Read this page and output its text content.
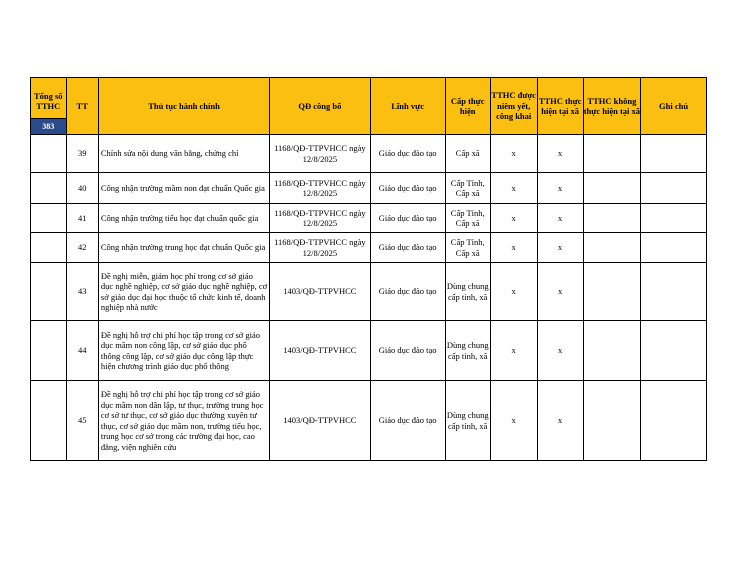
Tổng số TTHC
383	TT	Thủ tục hành chính	QĐ công bố	Lĩnh vực	Cấp thực hiện	TTHC được niêm yết, công khai	TTHC thực hiện tại xã	TTHC không thực hiện tại xã	Ghi chú
	39	Chỉnh sửa nội dung văn bằng, chứng chỉ	1168/QĐ-TTPVHCC ngày 12/8/2025	Giáo dục đào tạo	Cấp xã	x	x		
	40	Công nhận trường mầm non đạt chuẩn Quốc gia	1168/QĐ-TTPVHCC ngày 12/8/2025	Giáo dục đào tạo	Cấp Tỉnh, Cấp xã	x	x		
	41	Công nhận trường tiểu học đạt chuẩn quốc gia	1168/QĐ-TTPVHCC ngày 12/8/2025	Giáo dục đào tạo	Cấp Tỉnh, Cấp xã	x	x		
	42	Công nhận trường trung học đạt chuẩn Quốc gia	1168/QĐ-TTPVHCC ngày 12/8/2025	Giáo dục đào tạo	Cấp Tỉnh, Cấp xã	x	x		
	43	Đề nghị miễn, giảm học phí trong cơ sở giáo dục nghề nghiệp, cơ sở giáo dục nghề nghiệp, cơ sở giáo dục đại học thuộc tổ chức kinh tế, doanh nghiệp nhà nước	1403/QĐ-TTPVHCC	Giáo dục đào tạo	Dùng chung cấp tỉnh, xã	x	x		
	44	Đề nghị hỗ trợ chi phí học tập trong cơ sở giáo dục mầm non công lập, cơ sở giáo dục phổ thông công lập, cơ sở giáo dục công lập thực hiện chương trình giáo dục phổ thông	1403/QĐ-TTPVHCC	Giáo dục đào tạo	Dùng chung cấp tỉnh, xã	x	x		
	45	Đề nghị hỗ trợ chi phí học tập trong cơ sở giáo dục mầm non dân lập, tư thục, trường trung học cơ sở tư thục, cơ sở giáo dục thường xuyên tư thục, cơ sở giáo dục mầm non, trường tiểu học, trung học cơ sở trong các trường đại học, cao đẳng, viện nghiên cứu	1403/QĐ-TTPVHCC	Giáo dục đào tạo	Dùng chung cấp tỉnh, xã	x	x		
